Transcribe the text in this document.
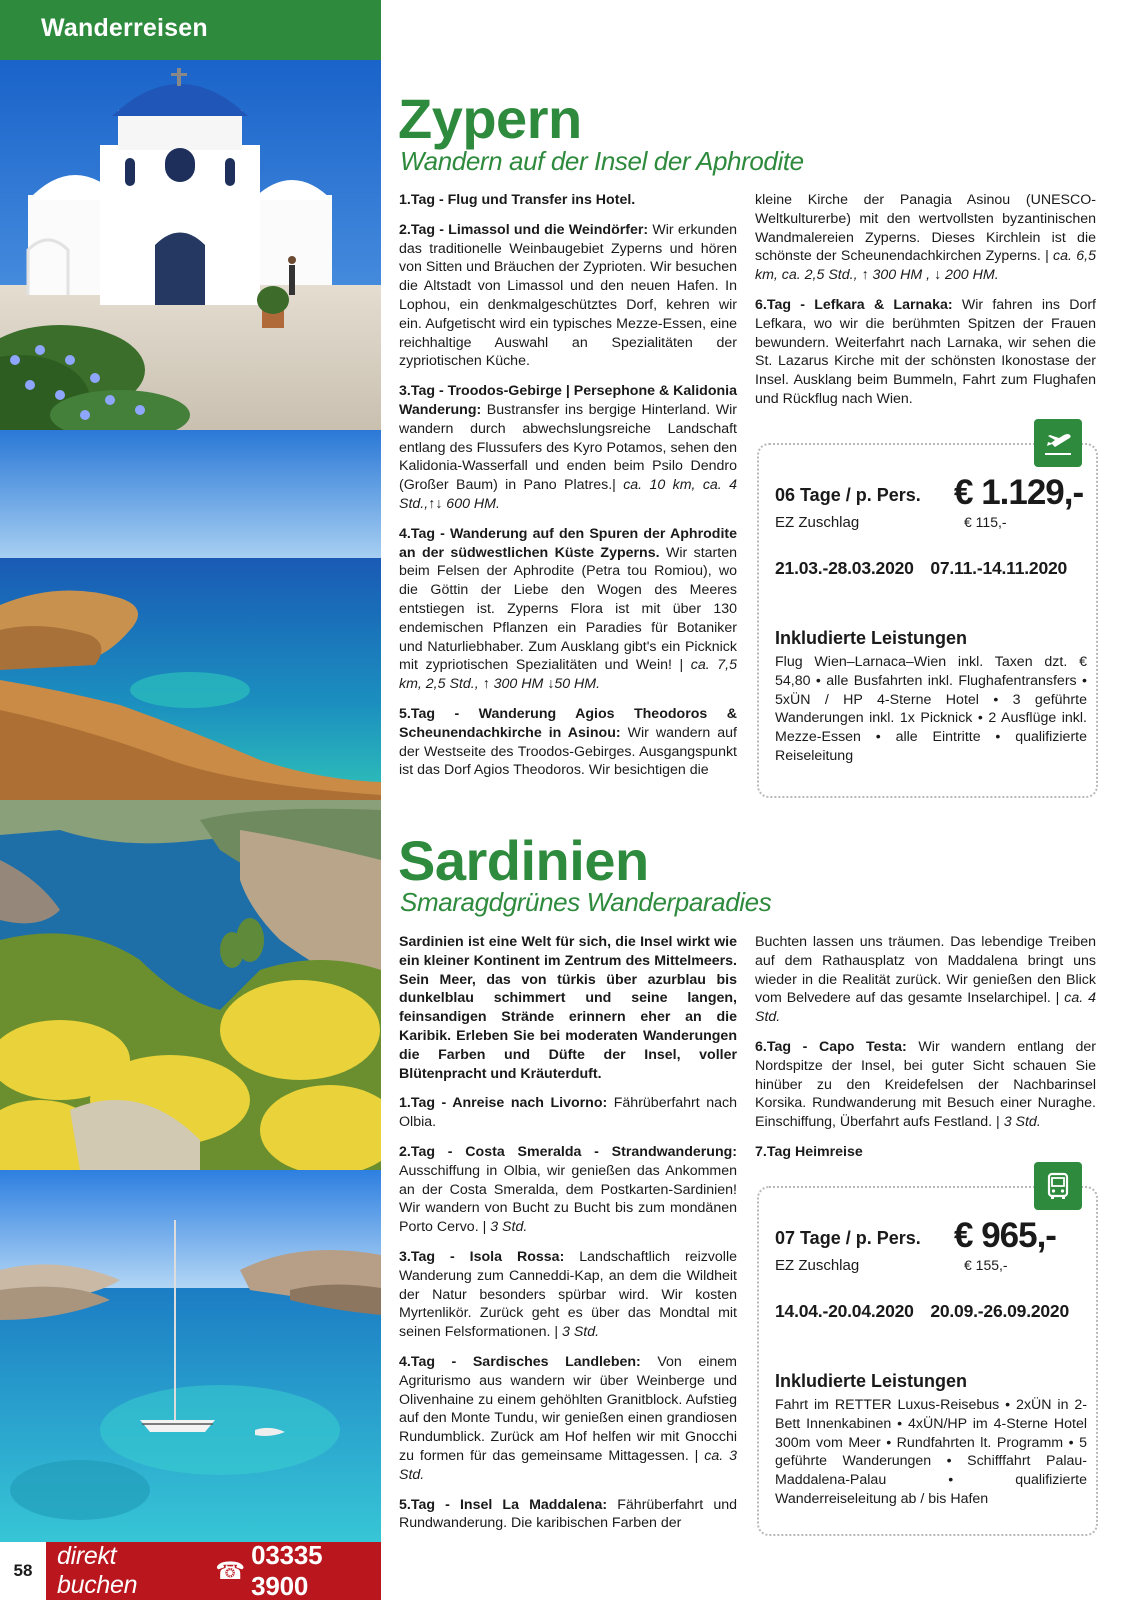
Wanderreisen
58
direkt buchen	☎
03335 3900
Zypern
Wandern auf der Insel der Aphrodite

1.Tag - Flug und Transfer ins Hotel.

2.Tag - Limassol und die Weindörfer: Wir erkunden das traditionelle Weinbaugebiet Zyperns und hören von Sitten und Bräuchen der Zyprioten. Wir besuchen die Altstadt von Limassol und den neuen Hafen. In Lophou, ein denkmalgeschütztes Dorf, kehren wir ein. Aufgetischt wird ein typisches Mezze-Essen, eine reichhaltige Auswahl an Spezialitäten der zypriotischen Küche.

3.Tag - Troodos-Gebirge | Persephone & Kalidonia Wanderung: Bustransfer ins bergige Hinterland. Wir wandern durch abwechslungsreiche Landschaft entlang des Flussufers des Kyro Potamos, sehen den Kalidonia-Wasserfall und enden beim Psilo Dendro (Großer Baum) in Pano Platres.| ca. 10 km, ca. 4 Std.,↑↓ 600 HM.

4.Tag - Wanderung auf den Spuren der Aphrodite an der südwestlichen Küste Zyperns. Wir starten beim Felsen der Aphrodite (Petra tou Romiou), wo die Göttin der Liebe den Wogen des Meeres entstiegen ist. Zyperns Flora ist mit über 130 endemischen Pflanzen ein Paradies für Botaniker und Naturliebhaber. Zum Ausklang gibt's ein Picknick mit zypriotischen Spezialitäten und Wein! | ca. 7,5 km, 2,5 Std., ↑ 300 HM ↓50 HM.

5.Tag - Wanderung Agios Theodoros & Scheunendachkirche in Asinou: Wir wandern auf der Westseite des Troodos-Gebirges. Ausgangspunkt ist das Dorf Agios Theodoros. Wir besichtigen die

kleine Kirche der Panagia Asinou (UNESCO-Weltkulturerbe) mit den wertvollsten byzantinischen Wandmalereien Zyperns. Dieses Kirchlein ist die schönste der Scheunendachkirchen Zyperns. | ca. 6,5 km, ca. 2,5 Std., ↑ 300 HM , ↓ 200 HM.

6.Tag - Lefkara & Larnaka: Wir fahren ins Dorf Lefkara, wo wir die berühmten Spitzen der Frauen bewundern. Weiterfahrt nach Larnaka, wir sehen die St. Lazarus Kirche mit der schönsten Ikonostase der Insel. Ausklang beim Bummeln, Fahrt zum Flughafen und Rückflug nach Wien.

06 Tage / p. Pers.
EZ Zuschlag
€ 1.129,-
€ 115,-
21.03.-28.03.2020 07.11.-14.11.2020
Inkludierte Leistungen
Flug Wien–Larnaca–Wien inkl. Taxen dzt. € 54,80 • alle Busfahrten inkl. Flughafentransfers • 5xÜN / HP 4-Sterne Hotel • 3 geführte Wanderungen inkl. 1x Picknick • 2 Ausflüge inkl. Mezze-Essen • alle Eintritte • qualifizierte Reiseleitung
Sardinien
Smaragdgrünes Wanderparadies

Sardinien ist eine Welt für sich, die Insel wirkt wie ein kleiner Kontinent im Zentrum des Mittelmeers. Sein Meer, das von türkis über azurblau bis dunkelblau schimmert und seine langen, feinsandigen Strände erinnern eher an die Karibik. Erleben Sie bei moderaten Wanderungen die Farben und Düfte der Insel, voller Blütenpracht und Kräuterduft.

1.Tag - Anreise nach Livorno: Fährüberfahrt nach Olbia.

2.Tag - Costa Smeralda - Strandwanderung: Ausschiffung in Olbia, wir genießen das Ankommen an der Costa Smeralda, dem Postkarten-Sardinien! Wir wandern von Bucht zu Bucht bis zum mondänen Porto Cervo. | 3 Std.

3.Tag - Isola Rossa: Landschaftlich reizvolle Wanderung zum Canneddi-Kap, an dem die Wildheit der Natur besonders spürbar wird. Wir kosten Myrtenlikör. Zurück geht es über das Mondtal mit seinen Felsformationen. | 3 Std.

4.Tag - Sardisches Landleben: Von einem Agriturismo aus wandern wir über Weinberge und Olivenhaine zu einem gehöhlten Granitblock. Aufstieg auf den Monte Tundu, wir genießen einen grandiosen Rundumblick. Zurück am Hof helfen wir mit Gnocchi zu formen für das gemeinsame Mittagessen. | ca. 3 Std.

5.Tag - Insel La Maddalena: Fährüberfahrt und Rundwanderung. Die karibischen Farben der

Buchten lassen uns träumen. Das lebendige Treiben auf dem Rathausplatz von Maddalena bringt uns wieder in die Realität zurück. Wir genießen den Blick vom Belvedere auf das gesamte Inselarchipel. | ca. 4 Std.

6.Tag - Capo Testa: Wir wandern entlang der Nordspitze der Insel, bei guter Sicht schauen Sie hinüber zu den Kreidefelsen der Nachbarinsel Korsika. Rundwanderung mit Besuch einer Nuraghe. Einschiffung, Überfahrt aufs Festland. | 3 Std.

7.Tag Heimreise

07 Tage / p. Pers.
EZ Zuschlag
€ 965,-
€ 155,-
14.04.-20.04.2020 20.09.-26.09.2020
Inkludierte Leistungen
Fahrt im RETTER Luxus-Reisebus • 2xÜN in 2-Bett Innenkabinen • 4xÜN/HP im 4-Sterne Hotel 300m vom Meer • Rundfahrten lt. Programm • 5 geführte Wanderungen • Schifffahrt Palau-Maddalena-Palau • qualifizierte Wanderreiseleitung ab / bis Hafen
